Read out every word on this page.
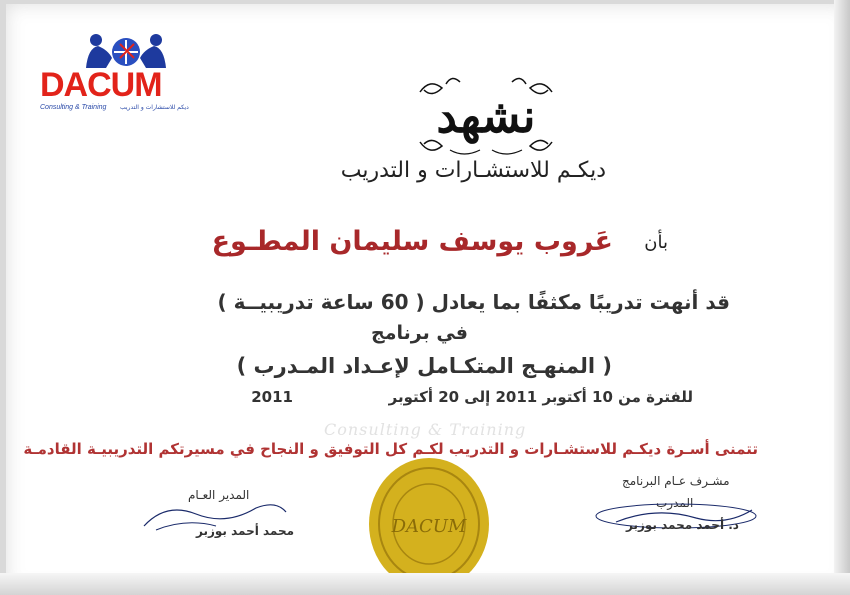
DACUM
Consulting & Training ديكم للاستشارات و التدريب	نشهد
ديكـم للاستشـارات و التدريب
بأن
عَروب يوسف سليمان المطـوع
قد أنهت تدريبًا مكثفًا بما يعادل ( 60 ساعة تدريبيــة )
في برنامج
( المنهـج المتكـامل لإعـداد المـدرب )
للفترة من 10 أكتوبر 2011 إلى 20 أكتوبر
2011
Consulting & Training
تتمنى أسـرة ديكـم للاستشـارات و التدريب لكـم كل التوفيق و النجاح في مسيرتكم التدريبيـة القادمـة
المدير العـام
محمد أحمد بوزبر	DACUM
مشـرف عـام البرنامج
المدرب
د. أحمد محمد بوزبر
